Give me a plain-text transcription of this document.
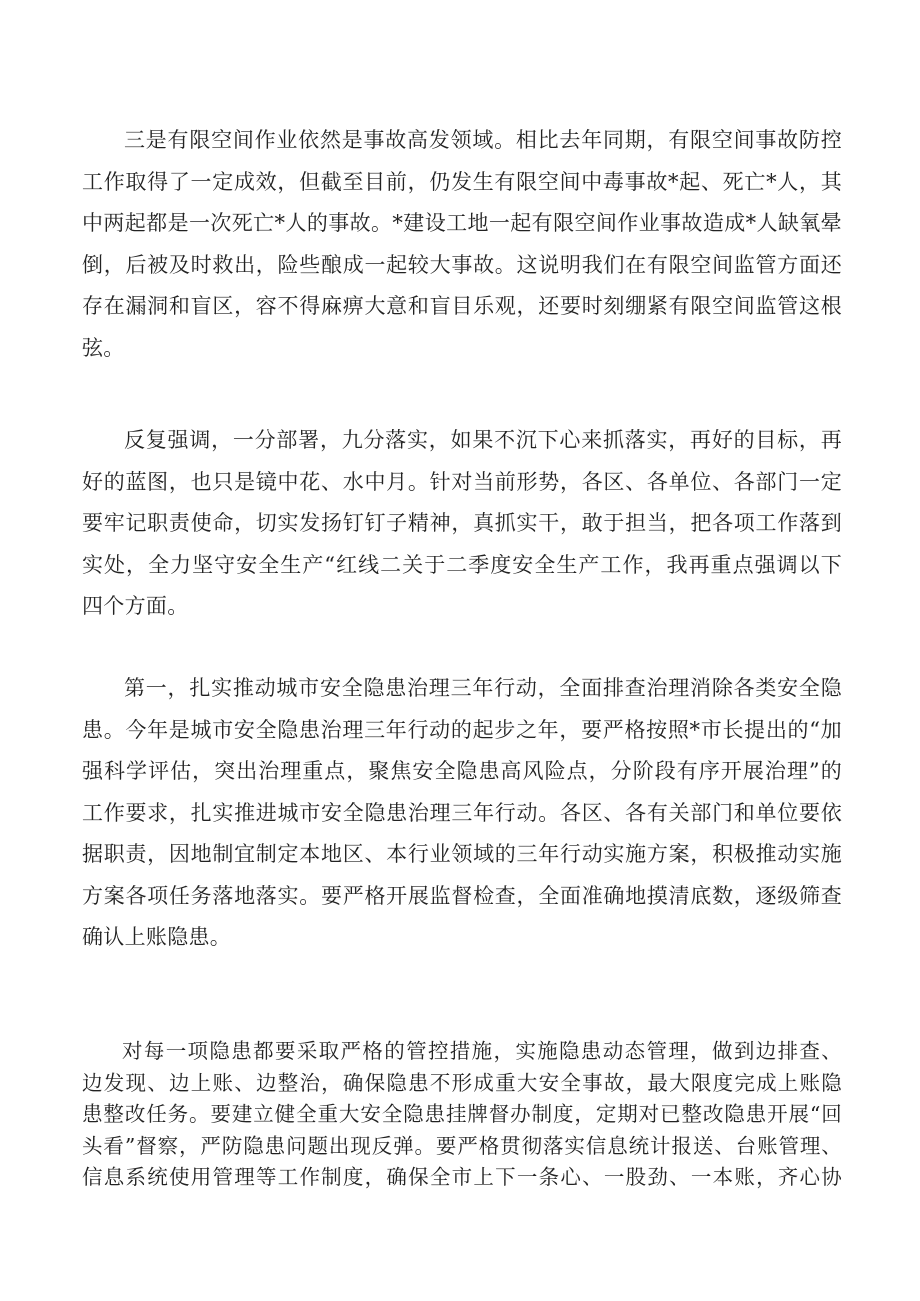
三是有限空间作业依然是事故高发领域。相比去年同期，有限空间事故防控
工作取得了一定成效，但截至目前，仍发生有限空间中毒事故*起、死亡*人，其
中两起都是一次死亡*人的事故。*建设工地一起有限空间作业事故造成*人缺氧晕
倒，后被及时救出，险些酿成一起较大事故。这说明我们在有限空间监管方面还
存在漏洞和盲区，容不得麻痹大意和盲目乐观，还要时刻绷紧有限空间监管这根
弦。
反复强调，一分部署，九分落实，如果不沉下心来抓落实，再好的目标，再
好的蓝图，也只是镜中花、水中月。针对当前形势，各区、各单位、各部门一定
要牢记职责使命，切实发扬钉钉子精神，真抓实干，敢于担当，把各项工作落到
实处，全力坚守安全生产“红线二关于二季度安全生产工作，我再重点强调以下
四个方面。
第一，扎实推动城市安全隐患治理三年行动，全面排查治理消除各类安全隐
患。今年是城市安全隐患治理三年行动的起步之年，要严格按照*市长提出的“加
强科学评估，突出治理重点，聚焦安全隐患高风险点，分阶段有序开展治理”的
工作要求，扎实推进城市安全隐患治理三年行动。各区、各有关部门和单位要依
据职责，因地制宜制定本地区、本行业领域的三年行动实施方案，积极推动实施
方案各项任务落地落实。要严格开展监督检查，全面准确地摸清底数，逐级筛查
确认上账隐患。
对每一项隐患都要采取严格的管控措施，实施隐患动态管理，做到边排查、
边发现、边上账、边整治，确保隐患不形成重大安全事故，最大限度完成上账隐
患整改任务。要建立健全重大安全隐患挂牌督办制度，定期对已整改隐患开展“回
头看”督察，严防隐患问题出现反弹。要严格贯彻落实信息统计报送、台账管理、
信息系统使用管理等工作制度，确保全市上下一条心、一股劲、一本账，齐心协
